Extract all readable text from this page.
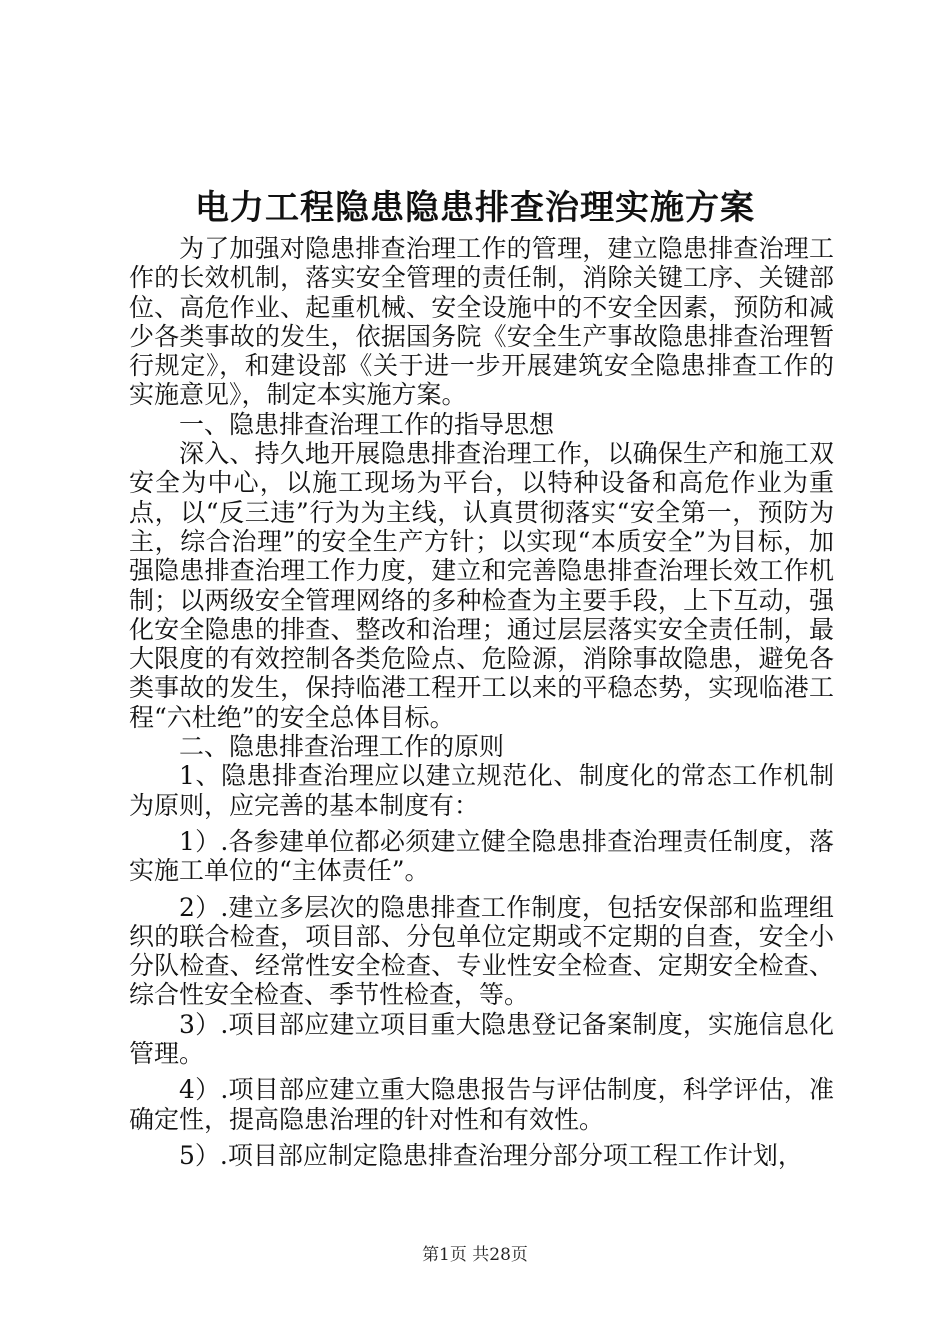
电力工程隐患隐患排查治理实施方案

为了加强对隐患排查治理工作的管理，建立隐患排查治理工作的长效机制，落实安全管理的责任制，消除关键工序、关键部位、高危作业、起重机械、安全设施中的不安全因素，预防和减少各类事故的发生，依据国务院《安全生产事故隐患排查治理暂行规定》，和建设部《关于进一步开展建筑安全隐患排查工作的实施意见》，制定本实施方案。

一、隐患排查治理工作的指导思想

深入、持久地开展隐患排查治理工作，以确保生产和施工双安全为中心，以施工现场为平台，以特种设备和高危作业为重点，以“反三违”行为为主线，认真贯彻落实“安全第一，预防为主，综合治理”的安全生产方针；以实现“本质安全”为目标，加强隐患排查治理工作力度，建立和完善隐患排查治理长效工作机制；以两级安全管理网络的多种检查为主要手段，上下互动，强化安全隐患的排查、整改和治理；通过层层落实安全责任制，最大限度的有效控制各类危险点、危险源，消除事故隐患，避免各类事故的发生，保持临港工程开工以来的平稳态势，实现临港工程“六杜绝”的安全总体目标。

二、隐患排查治理工作的原则

1、隐患排查治理应以建立规范化、制度化的常态工作机制为原则，应完善的基本制度有：

1）.各参建单位都必须建立健全隐患排查治理责任制度，落实施工单位的“主体责任”。

2）.建立多层次的隐患排查工作制度，包括安保部和监理组织的联合检查，项目部、分包单位定期或不定期的自查，安全小分队检查、经常性安全检查、专业性安全检查、定期安全检查、综合性安全检查、季节性检查，等。

3）.项目部应建立项目重大隐患登记备案制度，实施信息化管理。

4）.项目部应建立重大隐患报告与评估制度，科学评估，准确定性，提高隐患治理的针对性和有效性。

5）.项目部应制定隐患排查治理分部分项工程工作计划，

第1页 共28页
